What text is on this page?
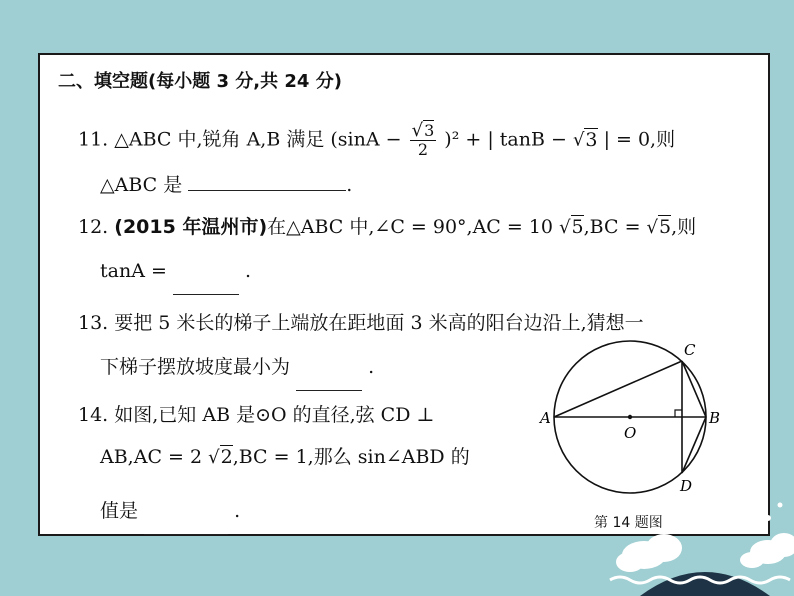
二、填空题(每小题 3 分,共 24 分)
11. △ABC 中,锐角 A,B 满足 $(\sin A - \frac{√3}{2} )^2$ + | tanB − √3 | = 0,则
△ABC 是	.
12. (2015 年温州市)在△ABC 中,∠C = 90°,AC = 10 √5,BC = √5,则
tanA =	.
13. 要把 5 米长的梯子上端放在距地面 3 米高的阳台边沿上,猜想一
下梯子摆放坡度最小为	.
14. 如图,已知 AB 是⊙O 的直径,弦 CD ⊥
AB,AC = 2 √2,BC = 1,那么 sin∠ABD 的
值是	.
A	B
C
D
O
第 14 题图
